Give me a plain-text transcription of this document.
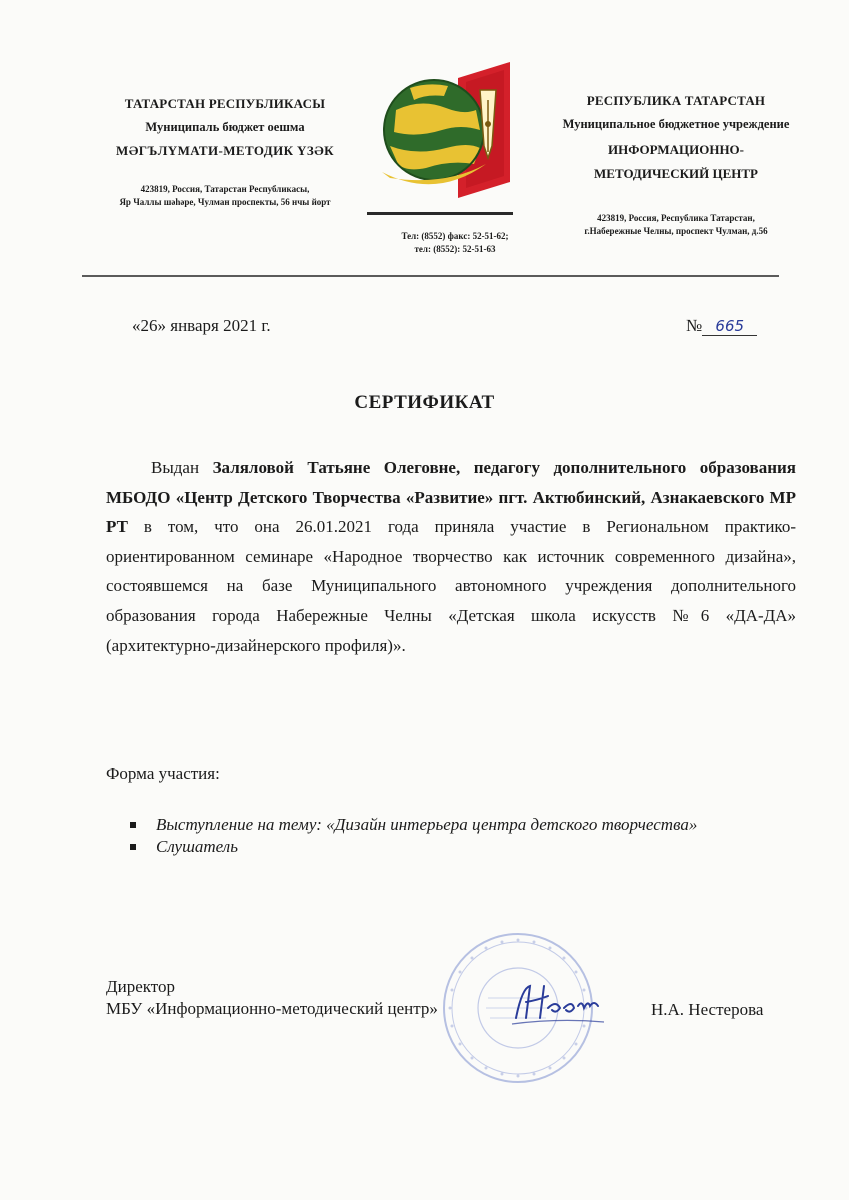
ТАТАРСТАН РЕСПУБЛИКАСЫ
Муниципаль бюджет оешма
МӘГЪЛҮМАТИ-МЕТОДИК ҮЗӘК
423819, Россия, Татарстан Республикасы,
Яр Чаллы шәһәре, Чулман проспекты, 56 нчы йорт
Тел: (8552) факс: 52-51-62;
тел: (8552): 52-51-63
РЕСПУБЛИКА ТАТАРСТАН
Муниципальное бюджетное учреждение
ИНФОРМАЦИОННО-
МЕТОДИЧЕСКИЙ ЦЕНТР
423819, Россия, Республика Татарстан,
г.Набережные Челны, проспект Чулман, д.56
«26» января 2021 г.	№ 665
СЕРТИФИКАТ
Выдан Заляловой Татьяне Олеговне, педагогу дополнительного образования МБОДО «Центр Детского Творчества «Развитие» пгт. Актюбинский, Азнакаевского МР РТ в том, что она 26.01.2021 года приняла участие в Региональном практико-ориентированном семинаре «Народное творчество как источник современного дизайна», состоявшемся на базе Муниципального автономного учреждения дополнительного образования города Набережные Челны «Детская школа искусств №6 «ДА-ДА» (архитектурно-дизайнерского профиля)».
Форма участия:
Выступление на тему: «Дизайн интерьера центра детского творчества»
Слушатель
Директор
МБУ «Информационно-методический центр»	Н.А. Нестерова
